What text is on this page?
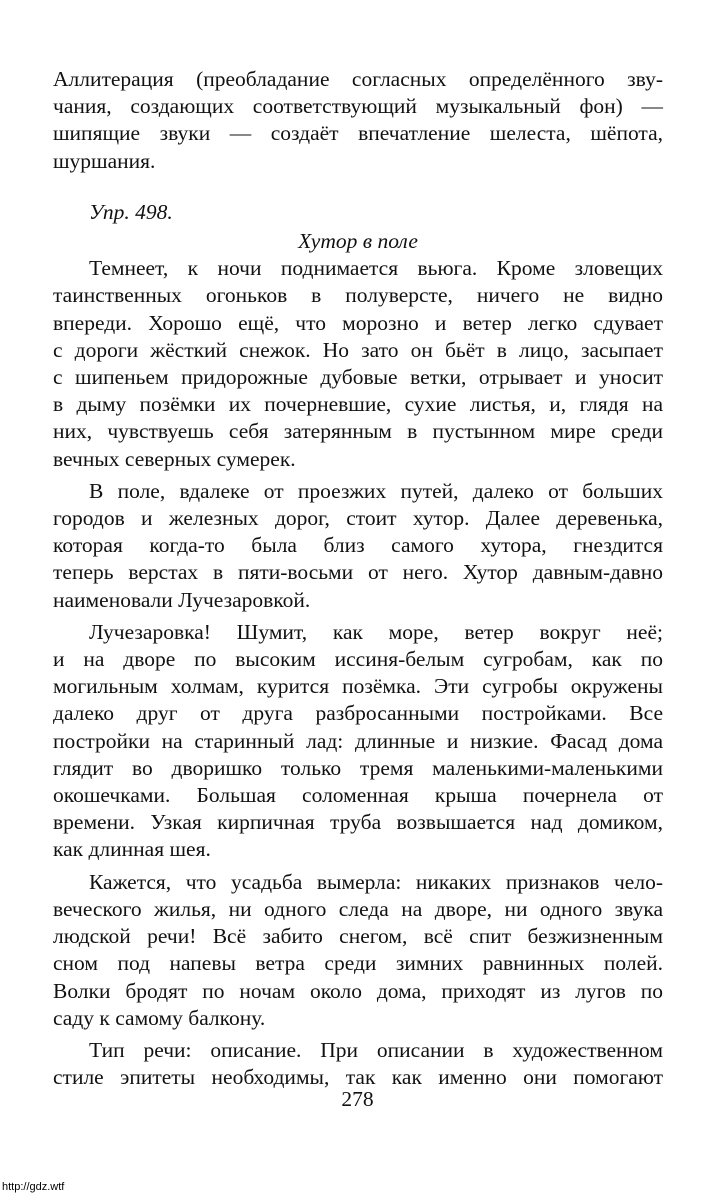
Аллитерация (преобладание согласных определённого зву-
чания, создающих соответствующий музыкальный фон) —
шипящие звуки — создаёт впечатление шелеста, шёпота,
шуршания.
Упр. 498.
Хутор в поле
Темнеет, к ночи поднимается вьюга. Кроме зловещих
таинственных огоньков в полуверсте, ничего не видно
впереди. Хорошо ещё, что морозно и ветер легко сдувает
с дороги жёсткий снежок. Но зато он бьёт в лицо, засыпает
с шипеньем придорожные дубовые ветки, отрывает и уносит
в дыму позёмки их почерневшие, сухие листья, и, глядя на
них, чувствуешь себя затерянным в пустынном мире среди
вечных северных сумерек.
В поле, вдалеке от проезжих путей, далеко от больших
городов и железных дорог, стоит хутор. Далее деревенька,
которая когда-то была близ самого хутора, гнездится
теперь верстах в пяти-восьми от него. Хутор давным-давно
наименовали Лучезаровкой.
Лучезаровка! Шумит, как море, ветер вокруг неё;
и на дворе по высоким иссиня-белым сугробам, как по
могильным холмам, курится позёмка. Эти сугробы окружены
далеко друг от друга разбросанными постройками. Все
постройки на старинный лад: длинные и низкие. Фасад дома
глядит во дворишко только тремя маленькими-маленькими
окошечками. Большая соломенная крыша почернела от
времени. Узкая кирпичная труба возвышается над домиком,
как длинная шея.
Кажется, что усадьба вымерла: никаких признаков чело-
веческого жилья, ни одного следа на дворе, ни одного звука
людской речи! Всё забито снегом, всё спит безжизненным
сном под напевы ветра среди зимних равнинных полей.
Волки бродят по ночам около дома, приходят из лугов по
саду к самому балкону.
Тип речи: описание. При описании в художественном
стиле эпитеты необходимы, так как именно они помогают
278
http://gdz.wtf
